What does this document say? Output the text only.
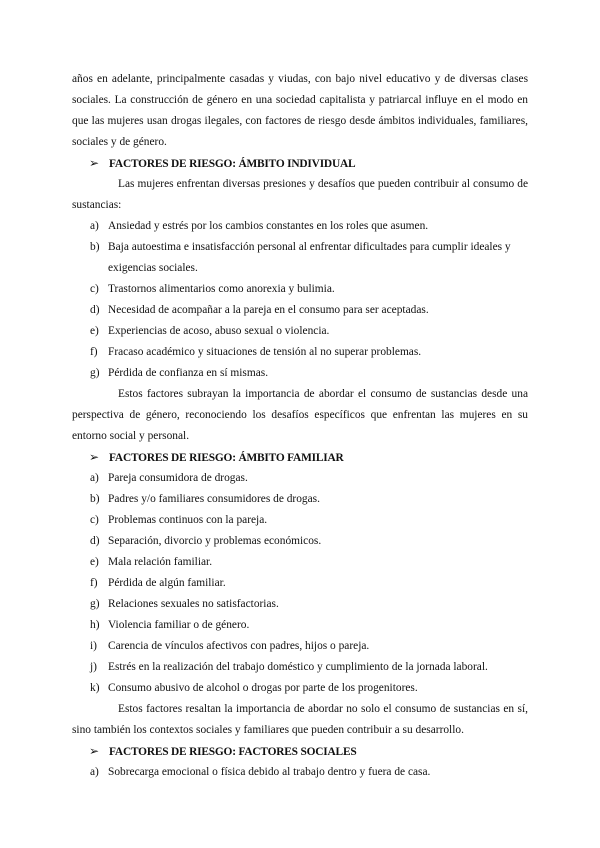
años en adelante, principalmente casadas y viudas, con bajo nivel educativo y de diversas clases sociales. La construcción de género en una sociedad capitalista y patriarcal influye en el modo en que las mujeres usan drogas ilegales, con factores de riesgo desde ámbitos individuales, familiares, sociales y de género.

➢ FACTORES DE RIESGO: ÁMBITO INDIVIDUAL

Las mujeres enfrentan diversas presiones y desafíos que pueden contribuir al consumo de sustancias:

a) Ansiedad y estrés por los cambios constantes en los roles que asumen.
b) Baja autoestima e insatisfacción personal al enfrentar dificultades para cumplir ideales y exigencias sociales.
c) Trastornos alimentarios como anorexia y bulimia.
d) Necesidad de acompañar a la pareja en el consumo para ser aceptadas.
e) Experiencias de acoso, abuso sexual o violencia.
f) Fracaso académico y situaciones de tensión al no superar problemas.
g) Pérdida de confianza en sí mismas.

Estos factores subrayan la importancia de abordar el consumo de sustancias desde una perspectiva de género, reconociendo los desafíos específicos que enfrentan las mujeres en su entorno social y personal.

➢ FACTORES DE RIESGO: ÁMBITO FAMILIAR
a) Pareja consumidora de drogas.
b) Padres y/o familiares consumidores de drogas.
c) Problemas continuos con la pareja.
d) Separación, divorcio y problemas económicos.
e) Mala relación familiar.
f) Pérdida de algún familiar.
g) Relaciones sexuales no satisfactorias.
h) Violencia familiar o de género.
i) Carencia de vínculos afectivos con padres, hijos o pareja.
j) Estrés en la realización del trabajo doméstico y cumplimiento de la jornada laboral.
k) Consumo abusivo de alcohol o drogas por parte de los progenitores.

Estos factores resaltan la importancia de abordar no solo el consumo de sustancias en sí, sino también los contextos sociales y familiares que pueden contribuir a su desarrollo.

➢ FACTORES DE RIESGO: FACTORES SOCIALES
a) Sobrecarga emocional o física debido al trabajo dentro y fuera de casa.
